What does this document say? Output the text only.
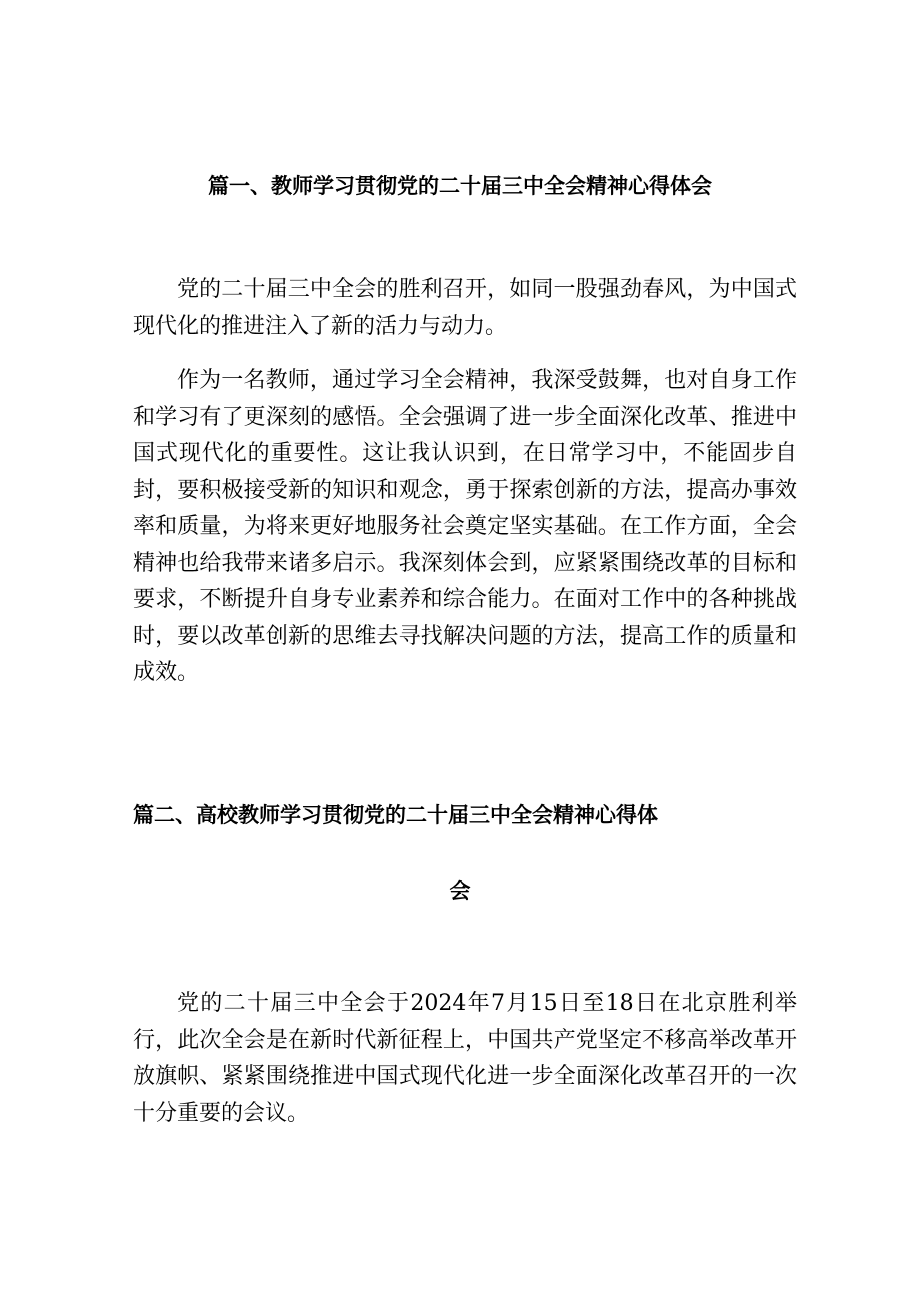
篇一、教师学习贯彻党的二十届三中全会精神心得体会

党的二十届三中全会的胜利召开，如同一股强劲春风，为中国式现代化的推进注入了新的活力与动力。

作为一名教师，通过学习全会精神，我深受鼓舞，也对自身工作和学习有了更深刻的感悟。全会强调了进一步全面深化改革、推进中国式现代化的重要性。这让我认识到，在日常学习中，不能固步自封，要积极接受新的知识和观念，勇于探索创新的方法，提高办事效率和质量，为将来更好地服务社会奠定坚实基础。在工作方面，全会精神也给我带来诸多启示。我深刻体会到，应紧紧围绕改革的目标和要求，不断提升自身专业素养和综合能力。在面对工作中的各种挑战时，要以改革创新的思维去寻找解决问题的方法，提高工作的质量和成效。

篇二、高校教师学习贯彻党的二十届三中全会精神心得体
会

党的二十届三中全会于2024年7月15日至18日在北京胜利举行，此次全会是在新时代新征程上，中国共产党坚定不移高举改革开放旗帜、紧紧围绕推进中国式现代化进一步全面深化改革召开的一次十分重要的会议。
